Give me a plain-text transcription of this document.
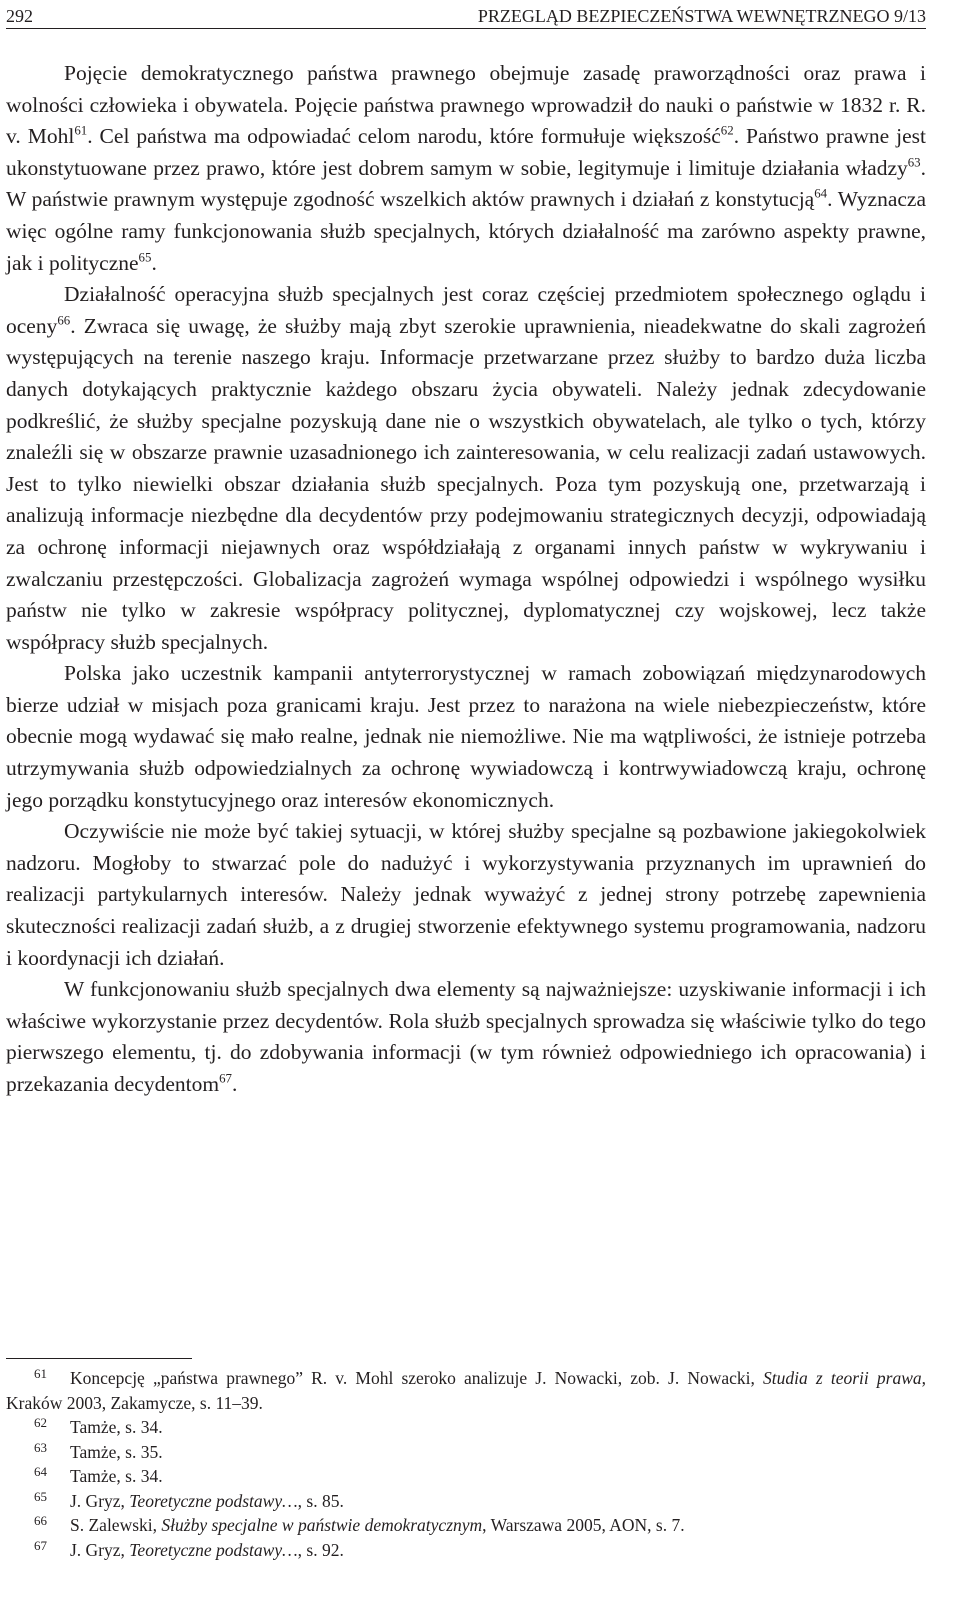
292	PRZEGLĄD BEZPIECZEŃSTWA WEWNĘTRZNEGO 9/13

Pojęcie demokratycznego państwa prawnego obejmuje zasadę praworządności oraz prawa i wolności człowieka i obywatela. Pojęcie państwa prawnego wprowadził do nauki o państwie w 1832 r. R. v. Mohl$^{61}$. Cel państwa ma odpowiadać celom narodu, które formułuje większość$^{62}$. Państwo prawne jest ukonstytuowane przez prawo, które jest dobrem samym w sobie, legitymuje i limituje działania władzy$^{63}$. W państwie prawnym występuje zgodność wszelkich aktów prawnych i działań z konstytucją$^{64}$. Wyznacza więc ogólne ramy funkcjonowania służb specjalnych, których działalność ma zarówno aspekty prawne, jak i polityczne$^{65}$.

Działalność operacyjna służb specjalnych jest coraz częściej przedmiotem społecznego oglądu i oceny$^{66}$. Zwraca się uwagę, że służby mają zbyt szerokie uprawnienia, nieadekwatne do skali zagrożeń występujących na terenie naszego kraju. Informacje przetwarzane przez służby to bardzo duża liczba danych dotykających praktycznie każdego obszaru życia obywateli. Należy jednak zdecydowanie podkreślić, że służby specjalne pozyskują dane nie o wszystkich obywatelach, ale tylko o tych, którzy znaleźli się w obszarze prawnie uzasadnionego ich zainteresowania, w celu realizacji zadań ustawowych. Jest to tylko niewielki obszar działania służb specjalnych. Poza tym pozyskują one, przetwarzają i analizują informacje niezbędne dla decydentów przy podejmowaniu strategicznych decyzji, odpowiadają za ochronę informacji niejawnych oraz współdziałają z organami innych państw w wykrywaniu i zwalczaniu przestępczości. Globalizacja zagrożeń wymaga wspólnej odpowiedzi i wspólnego wysiłku państw nie tylko w zakresie współpracy politycznej, dyplomatycznej czy wojskowej, lecz także współpracy służb specjalnych.

Polska jako uczestnik kampanii antyterrorystycznej w ramach zobowiązań międzynarodowych bierze udział w misjach poza granicami kraju. Jest przez to narażona na wiele niebezpieczeństw, które obecnie mogą wydawać się mało realne, jednak nie niemożliwe. Nie ma wątpliwości, że istnieje potrzeba utrzymywania służb odpowiedzialnych za ochronę wywiadowczą i kontrwywiadowczą kraju, ochronę jego porządku konstytucyjnego oraz interesów ekonomicznych.

Oczywiście nie może być takiej sytuacji, w której służby specjalne są pozbawione jakiegokolwiek nadzoru. Mogłoby to stwarzać pole do nadużyć i wykorzystywania przyznanych im uprawnień do realizacji partykularnych interesów. Należy jednak wyważyć z jednej strony potrzebę zapewnienia skuteczności realizacji zadań służb, a z drugiej stworzenie efektywnego systemu programowania, nadzoru i koordynacji ich działań.

W funkcjonowaniu służb specjalnych dwa elementy są najważniejsze: uzyskiwanie informacji i ich właściwe wykorzystanie przez decydentów. Rola służb specjalnych sprowadza się właściwie tylko do tego pierwszego elementu, tj. do zdobywania informacji (w tym również odpowiedniego ich opracowania) i przekazania decydentom$^{67}$.

61 Koncepcję „państwa prawnego” R. v. Mohl szeroko analizuje J. Nowacki, zob. J. Nowacki, Studia z teorii prawa, Kraków 2003, Zakamycze, s. 11–39.

62 Tamże, s. 34.

63 Tamże, s. 35.

64 Tamże, s. 34.

65 J. Gryz, Teoretyczne podstawy…, s. 85.

66 S. Zalewski, Służby specjalne w państwie demokratycznym, Warszawa 2005, AON, s. 7.

67 J. Gryz, Teoretyczne podstawy…, s. 92.
